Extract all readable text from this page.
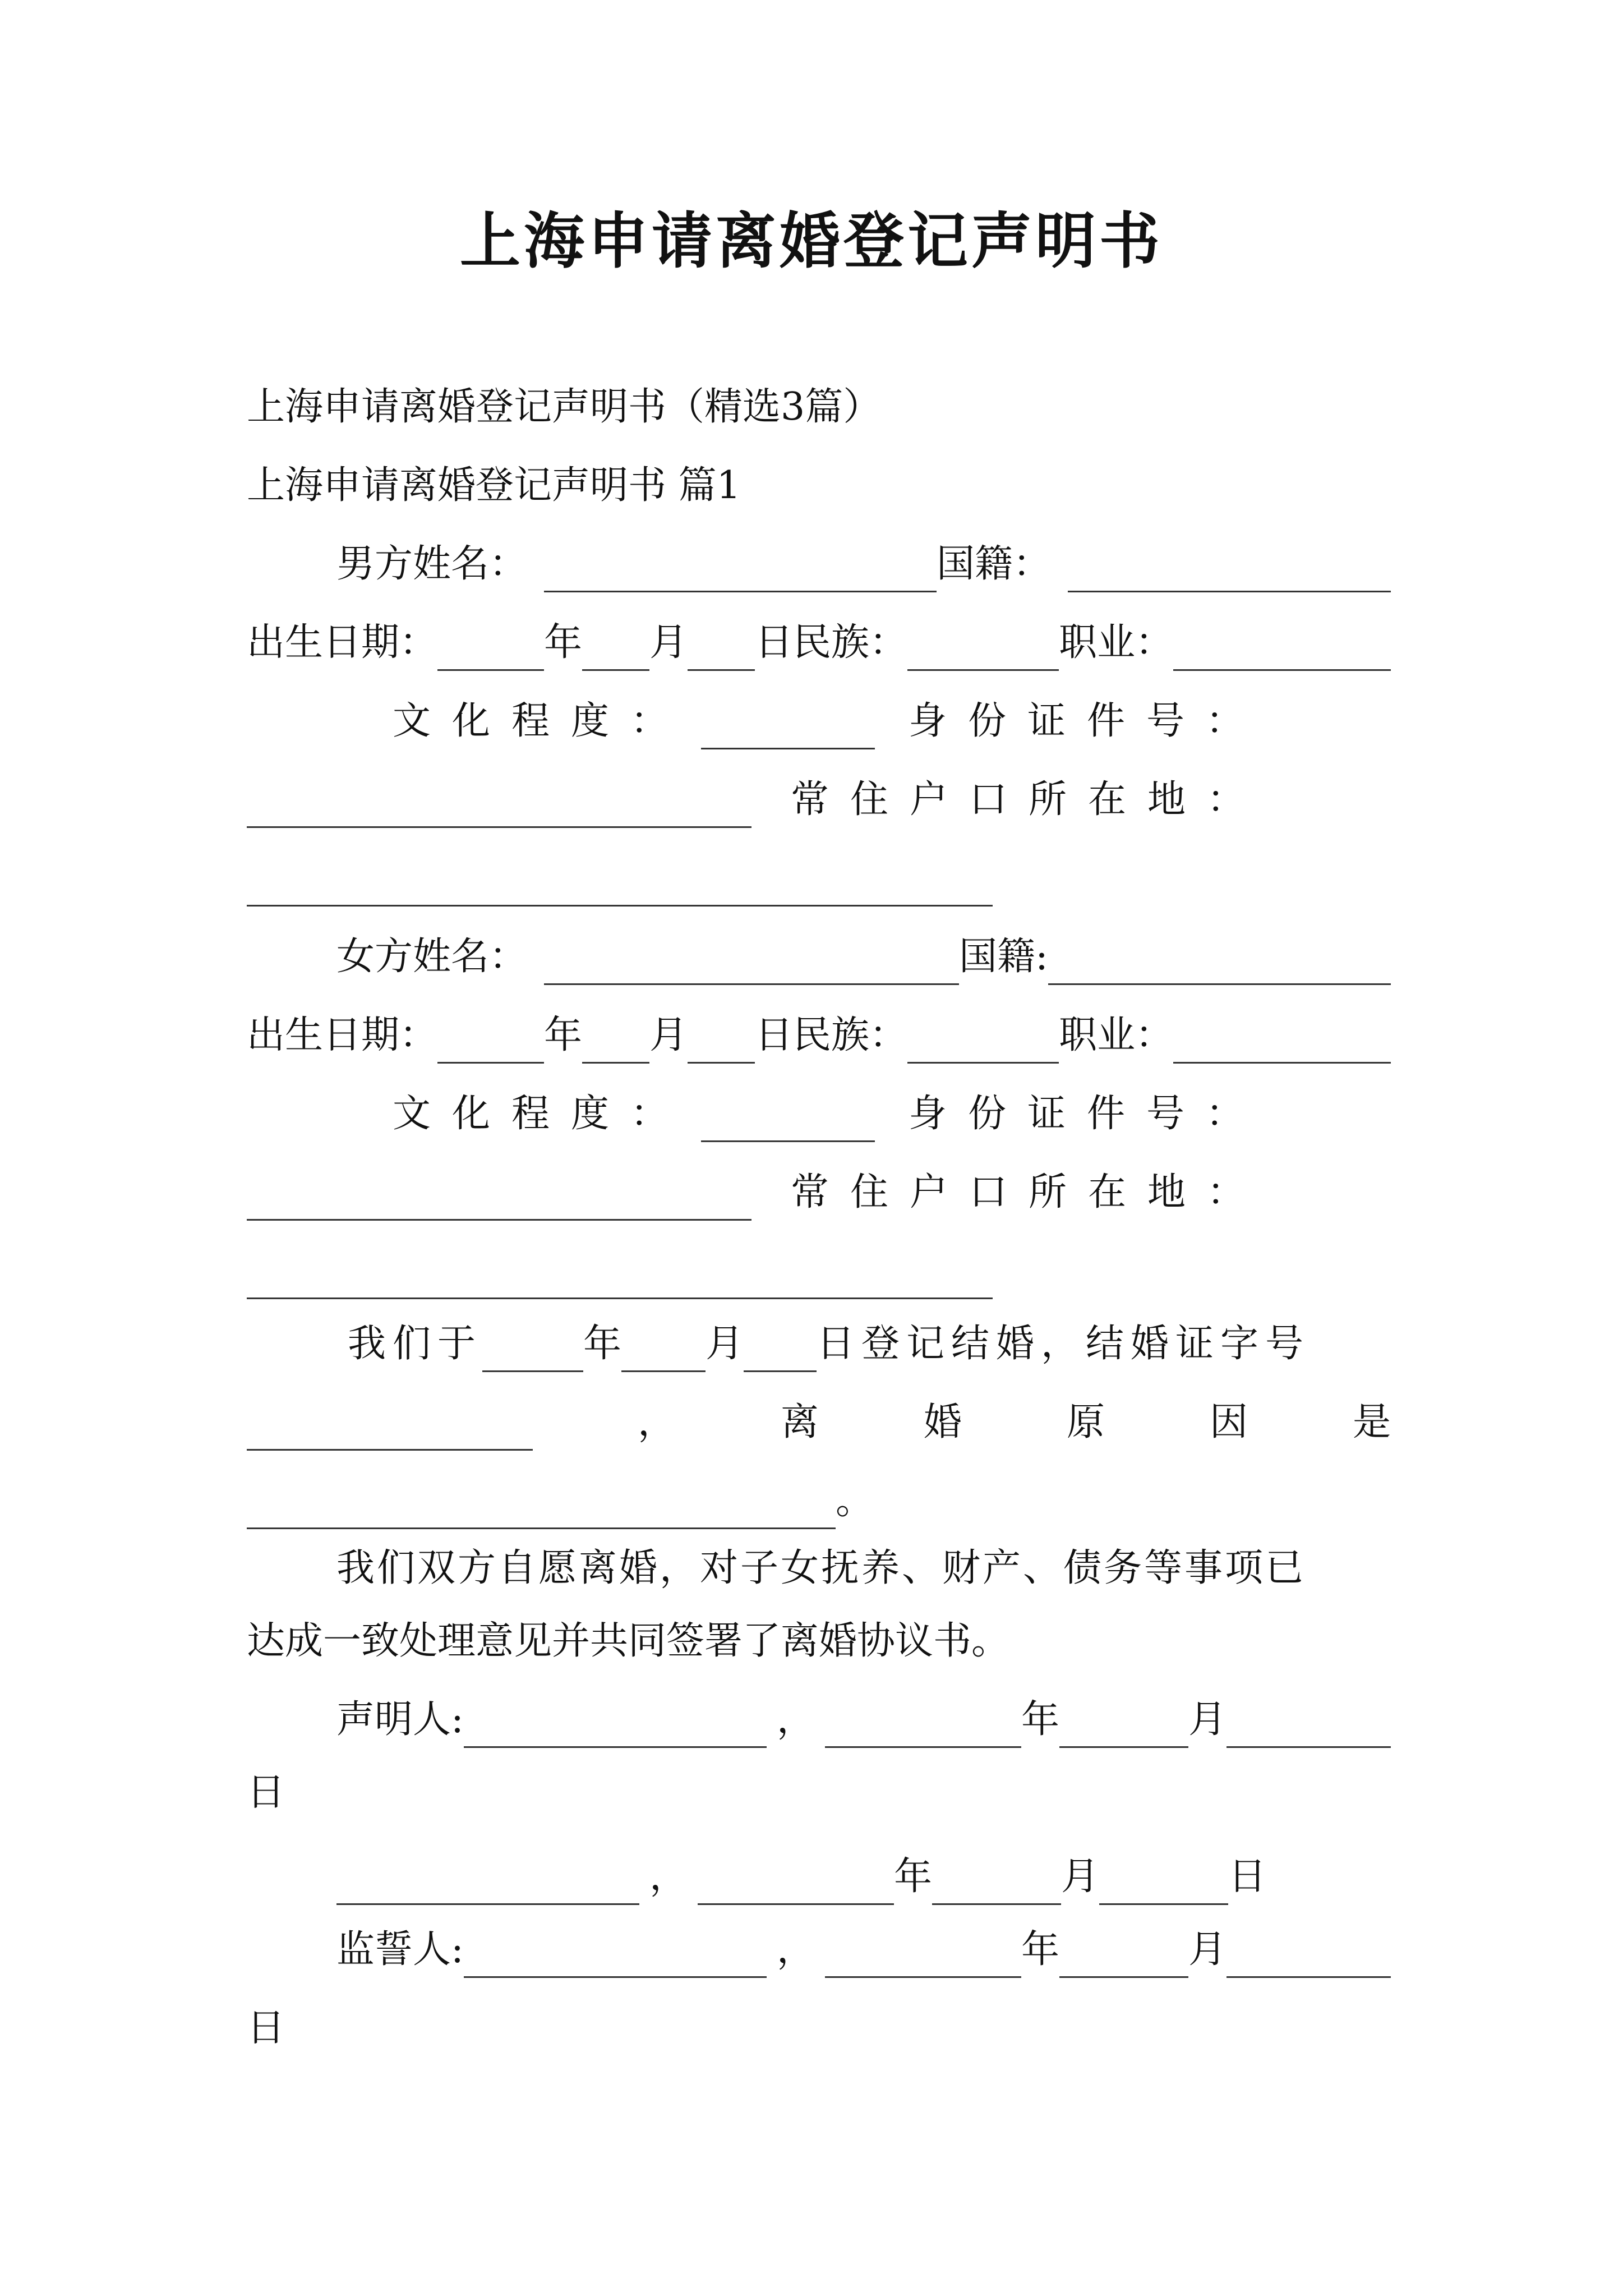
上海申请离婚登记声明书
上海申请离婚登记声明书（精选3篇）
上海申请离婚登记声明书 篇1
男方姓名：	国籍：
出生日期：	年 月 日民族：	职业：
文化程度：	身份证件号：
常住户口所在地：
女方姓名：	国籍:
出生日期：	年 月 日民族：	职业：
文化程度：	身份证件号：
常住户口所在地：
我们于	年 月 日登记结婚，结婚证字号
，	离	婚	原	因	是
。
我们双方自愿离婚，对子女抚养、财产、债务等事项已
达成一致处理意见并共同签署了离婚协议书。
声明人:	，	年	月
日
，	年	月	日
监誓人:	，	年	月
日
